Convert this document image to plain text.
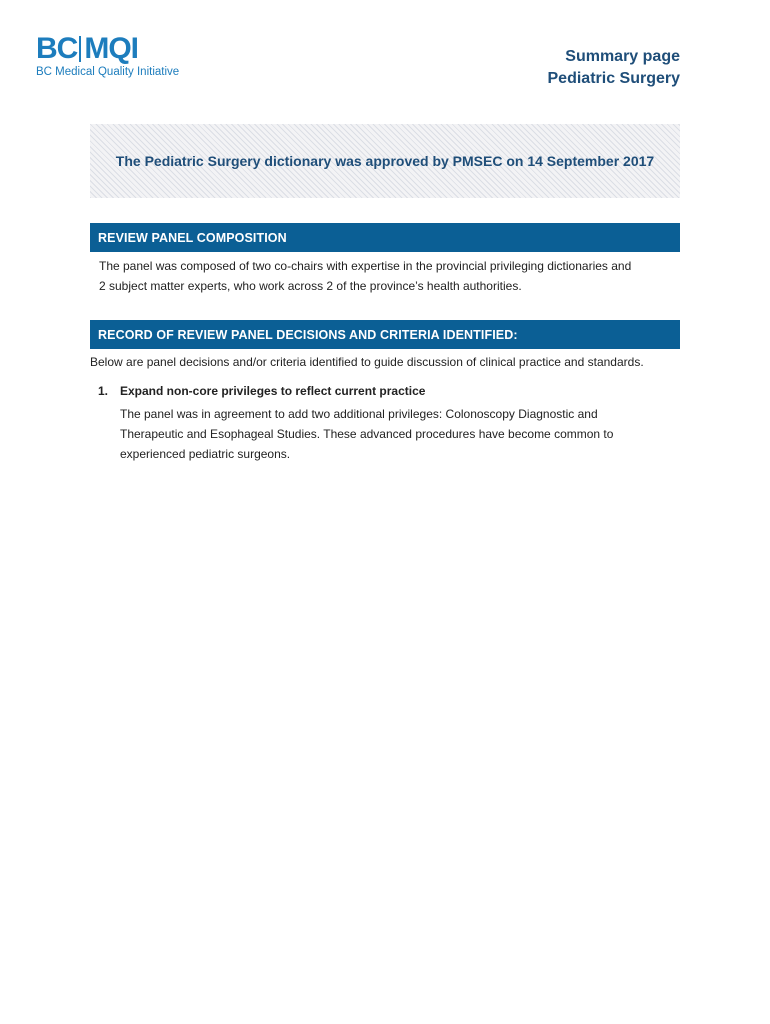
BC MQI
BC Medical Quality Initiative
Summary page
Pediatric Surgery
The Pediatric Surgery dictionary was approved by PMSEC on 14 September 2017
REVIEW PANEL COMPOSITION
The panel was composed of two co-chairs with expertise in the provincial privileging dictionaries and
2 subject matter experts, who work across 2 of the province’s health authorities.
RECORD OF REVIEW PANEL DECISIONS AND CRITERIA IDENTIFIED:
Below are panel decisions and/or criteria identified to guide discussion of clinical practice and standards.
1. Expand non-core privileges to reflect current practice
The panel was in agreement to add two additional privileges: Colonoscopy Diagnostic and
Therapeutic and Esophageal Studies. These advanced procedures have become common to
experienced pediatric surgeons.
